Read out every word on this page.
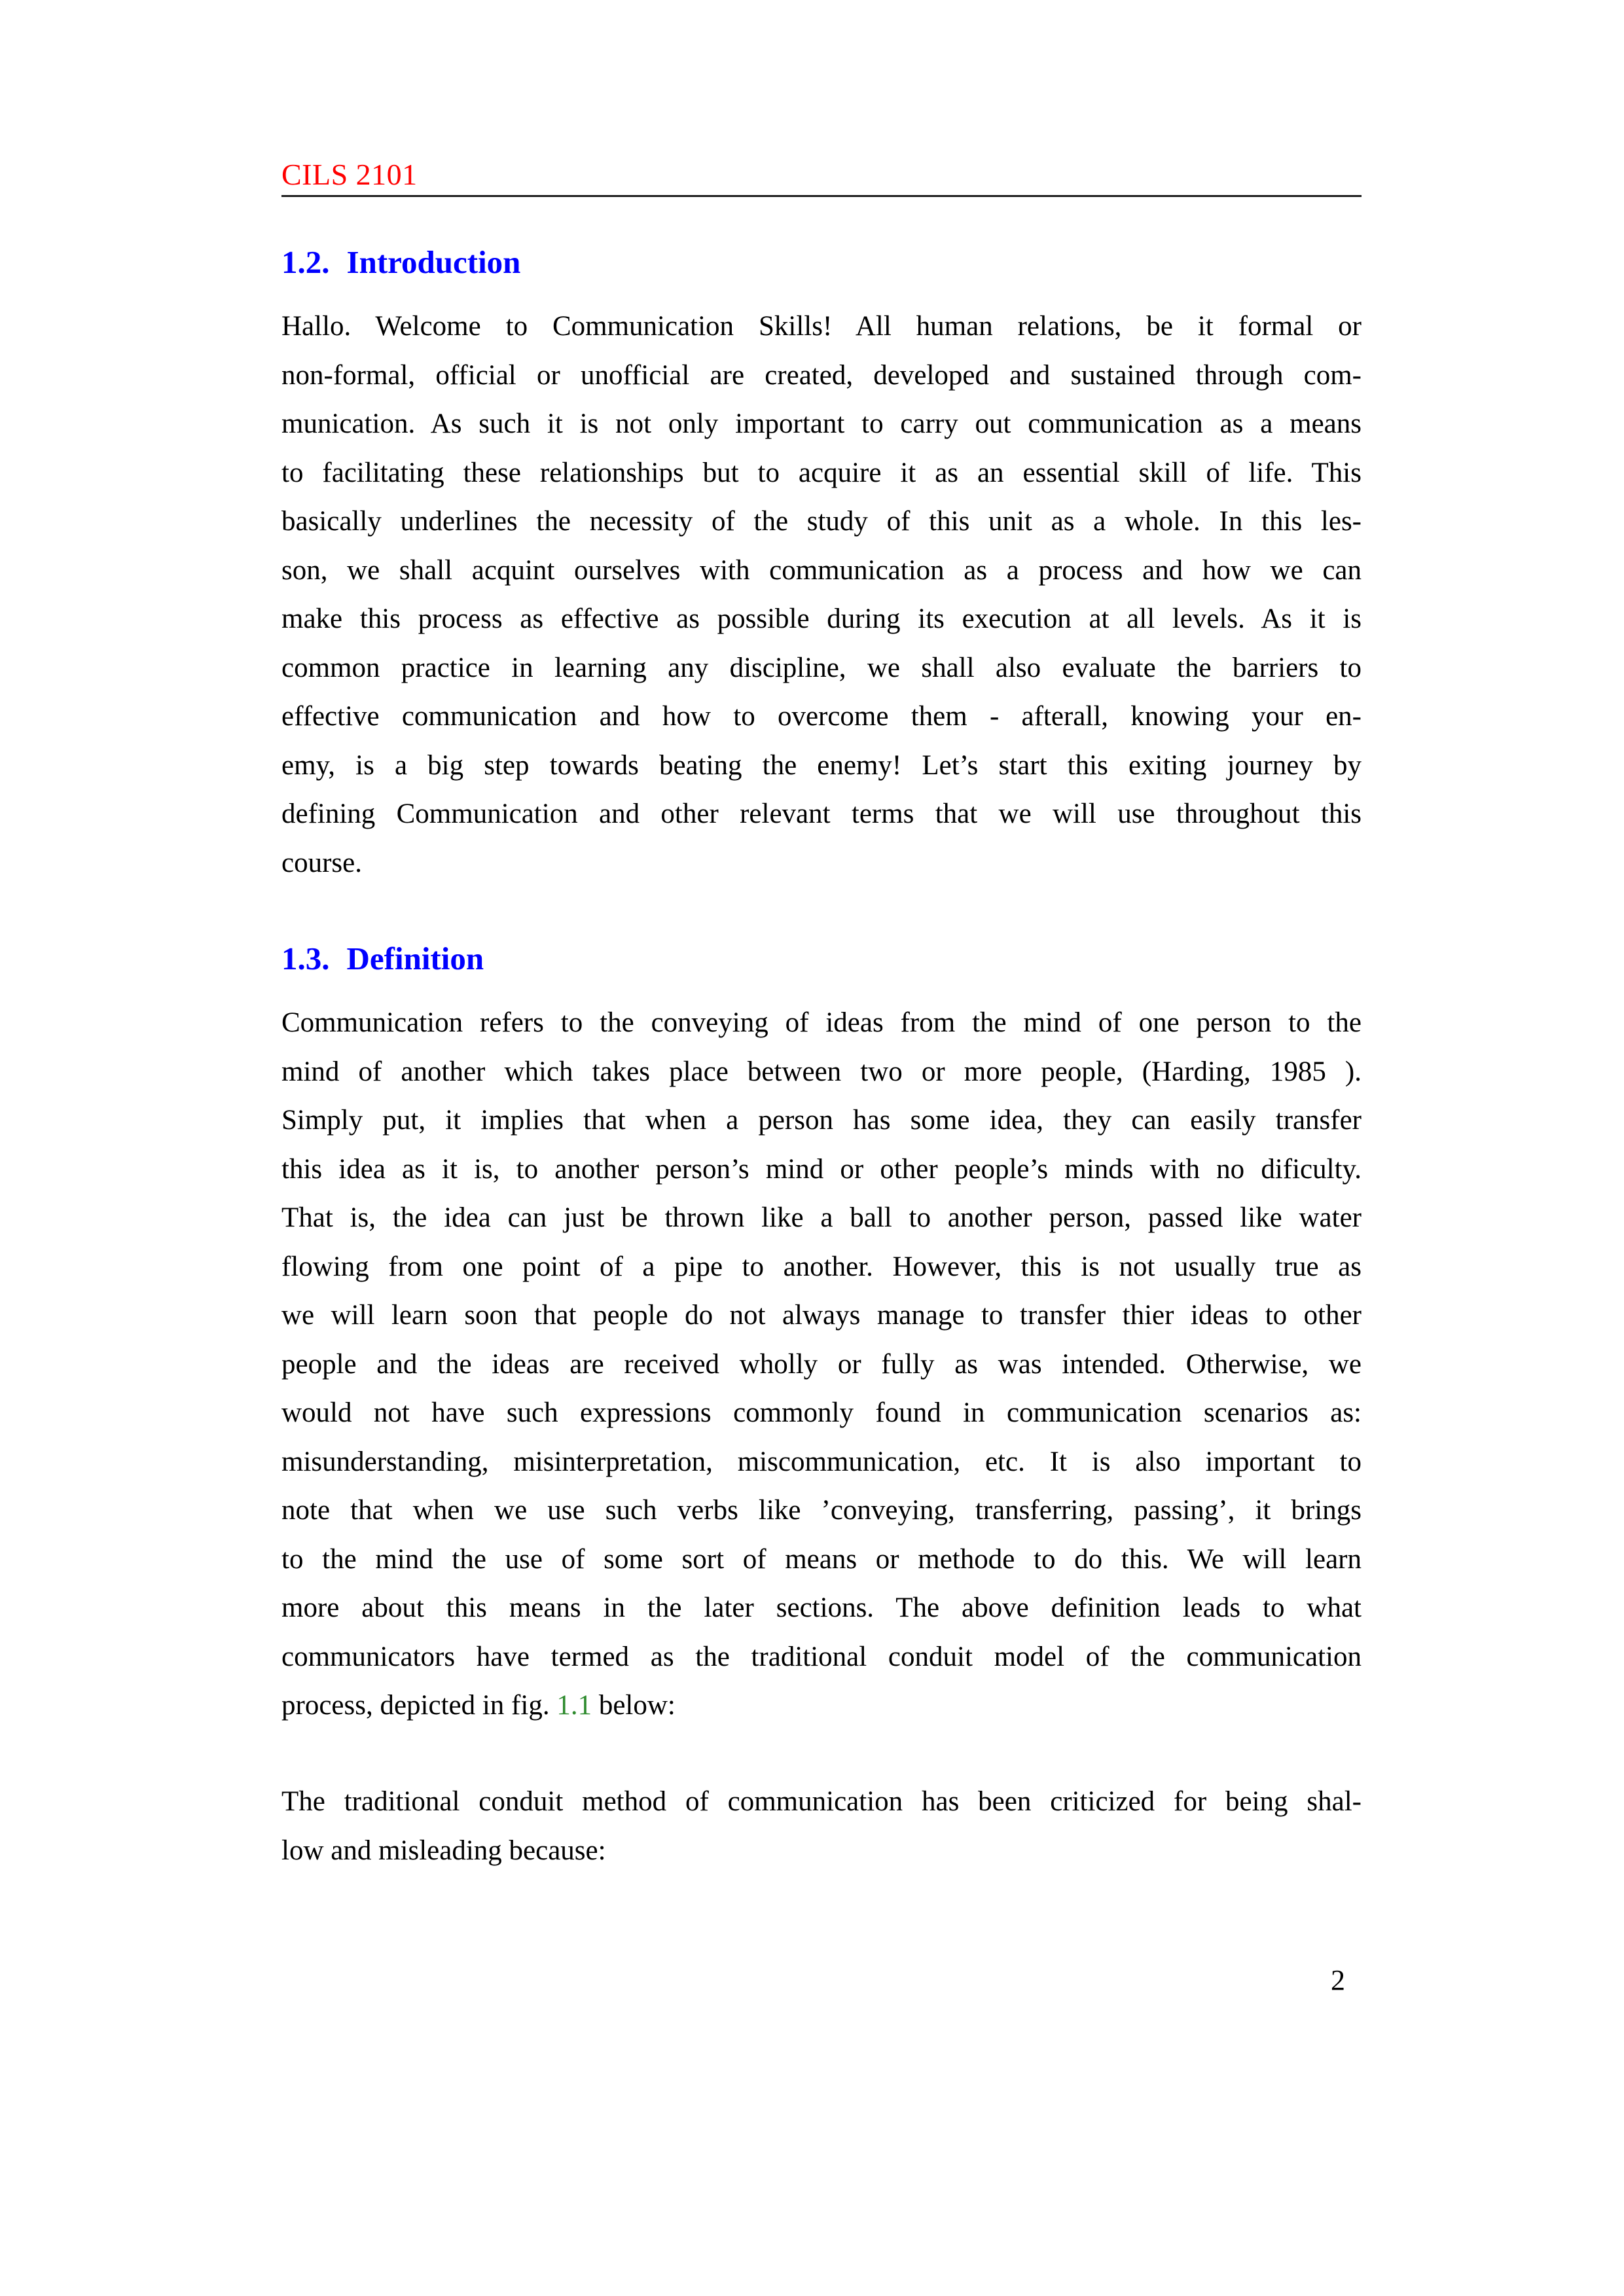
CILS 2101
1.2. Introduction
Hallo. Welcome to Communication Skills! All human relations, be it formal or
non-formal, official or unofficial are created, developed and sustained through com-
munication. As such it is not only important to carry out communication as a means
to facilitating these relationships but to acquire it as an essential skill of life. This
basically underlines the necessity of the study of this unit as a whole. In this les-
son, we shall acquint ourselves with communication as a process and how we can
make this process as effective as possible during its execution at all levels. As it is
common practice in learning any discipline, we shall also evaluate the barriers to
effective communication and how to overcome them - afterall, knowing your en-
emy, is a big step towards beating the enemy! Let’s start this exiting journey by
defining Communication and other relevant terms that we will use throughout this
course.
1.3. Definition
Communication refers to the conveying of ideas from the mind of one person to the
mind of another which takes place between two or more people, (Harding, 1985 ).
Simply put, it implies that when a person has some idea, they can easily transfer
this idea as it is, to another person’s mind or other people’s minds with no dificulty.
That is, the idea can just be thrown like a ball to another person, passed like water
flowing from one point of a pipe to another. However, this is not usually true as
we will learn soon that people do not always manage to transfer thier ideas to other
people and the ideas are received wholly or fully as was intended. Otherwise, we
would not have such expressions commonly found in communication scenarios as:
misunderstanding, misinterpretation, miscommunication, etc. It is also important to
note that when we use such verbs like ’conveying, transferring, passing’, it brings
to the mind the use of some sort of means or methode to do this. We will learn
more about this means in the later sections. The above definition leads to what
communicators have termed as the traditional conduit model of the communication
process, depicted in fig. 1.1 below:
The traditional conduit method of communication has been criticized for being shal-
low and misleading because:
2
